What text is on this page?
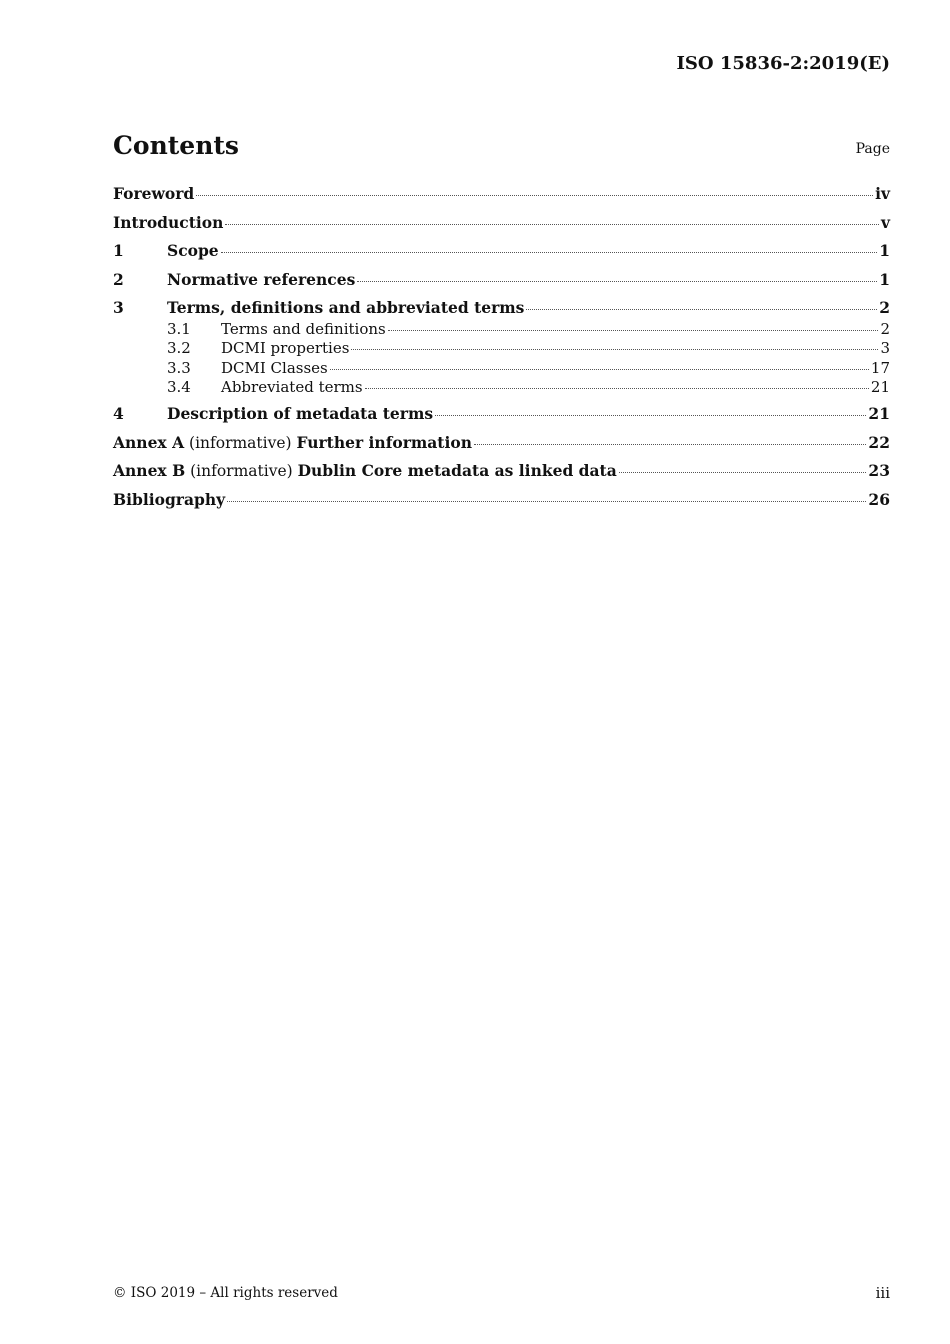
ISO 15836-2:2019(E)
Contents	Page
Foreword	iv
Introduction	v
1	Scope	1
2	Normative references	1
3	Terms, definitions and abbreviated terms	2
3.1	Terms and definitions	2
3.2	DCMI properties	3
3.3	DCMI Classes	17
3.4	Abbreviated terms	21
4	Description of metadata terms	21
Annex A (informative) Further information	22
Annex B (informative) Dublin Core metadata as linked data	23
Bibliography	26
© ISO 2019 – All rights reserved	iii
